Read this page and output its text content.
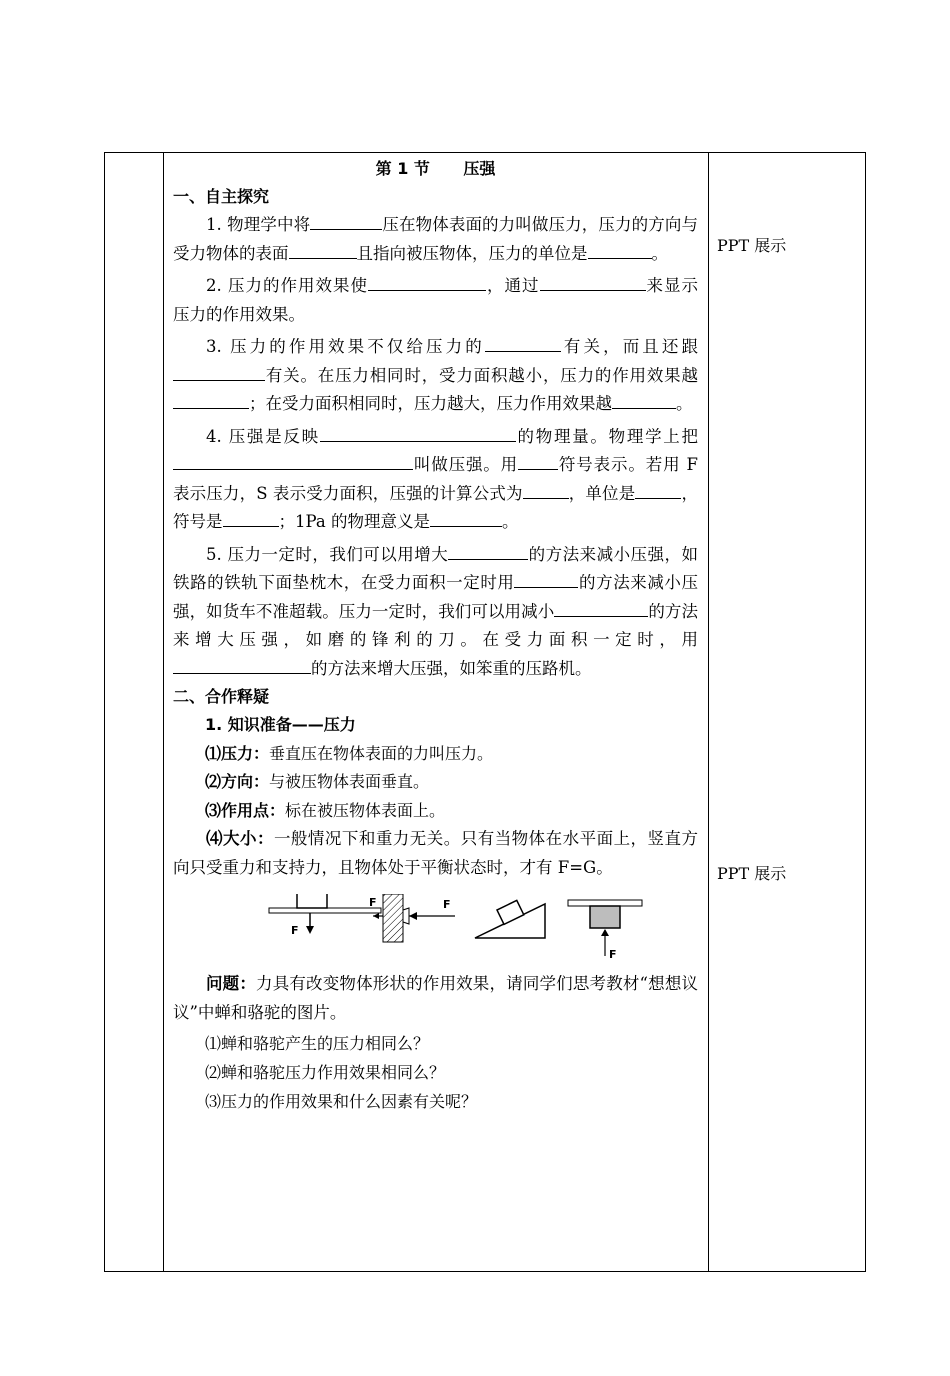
第 1 节      压强
一、自主探究
1. 物理学中将	压在物体表面的力叫做压力，压力的方向与受力物体的表面	且指向被压物体，压力的单位是	。
2. 压力的作用效果使	，通过	来显示压力的作用效果。
3. 压力的作用效果不仅给压力的	有关，而且还跟有关。在压力相同时，受力面积越小，压力的作用效果越；在受力面积相同时，压力越大，压力作用效果越	。
4. 压强是反映	的物理量。物理学上把叫做压强。用 符号表示。若用 F 表示压力，S 表示受力面积，压强的计算公式为	，单位是	，符号是	；1Pa 的物理意义是	。
5. 压力一定时，我们可以用增大	的方法来减小压强，如铁路的铁轨下面垫枕木，在受力面积一定时用	的方法来减小压强，如货车不准超载。压力一定时，我们可以用减小	的方法来增大压强，如磨的锋利的刀。在受力面积一定时，用的方法来增大压强，如笨重的压路机。
二、合作释疑
1. 知识准备——压力
⑴压力：垂直压在物体表面的力叫压力。
⑵方向：与被压物体表面垂直。
⑶作用点：标在被压物体表面上。
⑷大小：一般情况下和重力无关。只有当物体在水平面上，竖直方向只受重力和支持力，且物体处于平衡状态时，才有 F=G。
F
F	F
F
问题：力具有改变物体形状的作用效果，请同学们思考教材“想想议议”中蝉和骆驼的图片。
⑴蝉和骆驼产生的压力相同么？
⑵蝉和骆驼压力作用效果相同么？
⑶压力的作用效果和什么因素有关呢？
PPT 展示
PPT 展示
